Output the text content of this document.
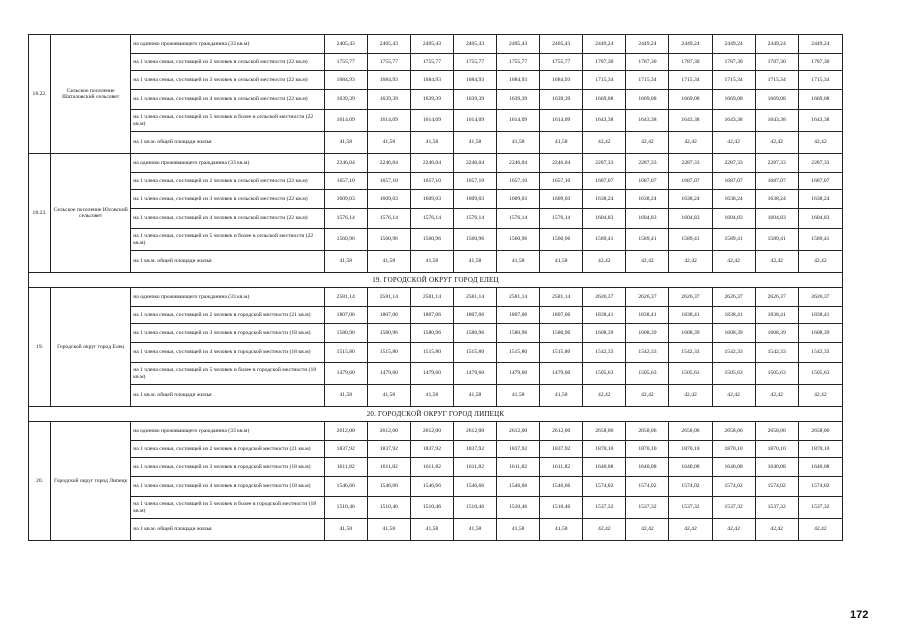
18.22.	Сельское поселение Шаталовский сельсовет	на одиноко проживающего гражданина (33 кв.м)	2405,43	2405,43	2405,43	2405,43	2405,43	2405,43	2449,24	2449,24	2449,24	2449,24	2449,24	2449,24
		на 1 члена семьи, состоящей из 2 человек в сельской местности (22 кв.м)	1755,77	1755,77	1755,77	1755,77	1755,77	1755,77	1787,30	1787,30	1787,30	1787,30	1787,30	1787,30
		на 1 члена семьи, состоящей из 3 человек в сельской местности (22 кв.м)	1684,93	1684,93	1684,93	1684,93	1684,93	1684,93	1715,34	1715,34	1715,34	1715,34	1715,34	1715,34
		на 1 члена семьи, состоящей из 4 человек в сельской местности (22 кв.м)	1639,39	1639,39	1639,39	1639,39	1639,39	1639,39	1669,08	1669,08	1669,08	1669,08	1669,08	1669,08
		на 1 члена семьи, состоящей из 5 человек и более в сельской местности (22 кв.м)	1614,09	1614,09	1614,09	1614,09	1614,09	1614,09	1643,38	1643,38	1643,38	1643,38	1643,38	1643,38
		на 1 кв.м. общей площади жилья	41,58	41,58	41,58	41,58	41,58	41,58	42,42	42,42	42,42	42,42	42,42	42,42
18.23.	Сельское поселение Юсовский сельсовет	на одиноко проживающего гражданина (33 кв.м)	2246,04	2246,04	2246,04	2246,04	2246,04	2246,04	2287,33	2287,33	2287,33	2287,33	2287,33	2287,33
		на 1 члена семьи, состоящей из 2 человек в сельской местности (22 кв.м)	1657,10	1657,10	1657,10	1657,10	1657,10	1657,10	1687,07	1687,07	1687,07	1687,07	1687,07	1687,07
		на 1 члена семьи, состоящей из 3 человек в сельской местности (22 кв.м)	1609,03	1609,03	1609,03	1609,03	1609,03	1609,03	1638,24	1638,24	1638,24	1638,24	1638,24	1638,24
		на 1 члена семьи, состоящей из 4 человек в сельской местности (22 кв.м)	1576,14	1576,14	1576,14	1576,14	1576,14	1576,14	1604,83	1604,83	1604,83	1604,83	1604,83	1604,83
		на 1 члена семьи, состоящей из 5 человек и более в сельской местности (22 кв.м)	1560,96	1560,96	1560,96	1560,96	1560,96	1560,96	1589,41	1589,41	1589,41	1589,41	1589,41	1589,41
		на 1 кв.м. общей площади жилья	41,58	41,58	41,58	41,58	41,58	41,58	42,42	42,42	42,42	42,42	42,42	42,42
19. ГОРОДСКОЙ ОКРУГ ГОРОД ЕЛЕЦ														
19.	Городской округ город Елец	на одиноко проживающего гражданина (33 кв.м)	2581,14	2581,14	2581,14	2581,14	2581,14	2581,14	2626,37	2626,37	2626,37	2626,37	2626,37	2626,37
		на 1 члена семьи, состоящей из 2 человек в городской местности (21 кв.м)	1807,06	1807,06	1807,06	1807,06	1807,06	1807,06	1838,41	1838,41	1838,41	1838,41	1838,41	1838,41
		на 1 члена семьи, состоящей из 3 человек в городской местности (18 кв.м)	1580,96	1580,96	1580,96	1580,96	1580,96	1580,96	1608,39	1608,39	1608,39	1608,39	1608,39	1608,39
		на 1 члена семьи, состоящей из 4 человек в городской местности (18 кв.м)	1515,80	1515,80	1515,80	1515,80	1515,80	1515,80	1542,33	1542,33	1542,33	1542,33	1542,33	1542,33
		на 1 члена семьи, состоящей из 5 человек и более в городской местности (18 кв.м)	1479,60	1479,60	1479,60	1479,60	1479,60	1479,60	1505,63	1505,63	1505,63	1505,63	1505,63	1505,63
		на 1 кв.м. общей площади жилья	41,58	41,58	41,58	41,58	41,58	41,58	42,42	42,42	42,42	42,42	42,42	42,42
20. ГОРОДСКОЙ ОКРУГ ГОРОД ЛИПЕЦК														
20.	Городской округ город Липецк	на одиноко проживающего гражданина (33 кв.м)	2612,00	2612,00	2612,00	2612,00	2612,00	2612,00	2658,06	2658,06	2658,06	2658,06	2658,06	2658,06
		на 1 члена семьи, состоящей из 2 человек в городской местности (21 кв.м)	1837,92	1837,92	1837,92	1837,92	1837,92	1837,92	1870,10	1870,10	1870,10	1870,10	1870,10	1870,10
		на 1 члена семьи, состоящей из 3 человек в городской местности (18 кв.м)	1611,82	1611,82	1611,82	1611,82	1611,82	1611,82	1640,08	1640,08	1640,08	1640,08	1640,08	1640,08
		на 1 члена семьи, состоящей из 4 человек в городской местности (18 кв.м)	1546,66	1546,66	1546,66	1546,66	1546,66	1546,66	1574,02	1574,02	1574,02	1574,02	1574,02	1574,02
		на 1 члена семьи, состоящей из 5 человек и более в городской местности (18 кв.м)	1510,46	1510,46	1510,46	1510,46	1510,46	1510,46	1537,32	1537,32	1537,32	1537,32	1537,32	1537,32
		на 1 кв.м. общей площади жилья	41,58	41,58	41,58	41,58	41,58	41,58	42,42	42,42	42,42	42,42	42,42	42,42
172
